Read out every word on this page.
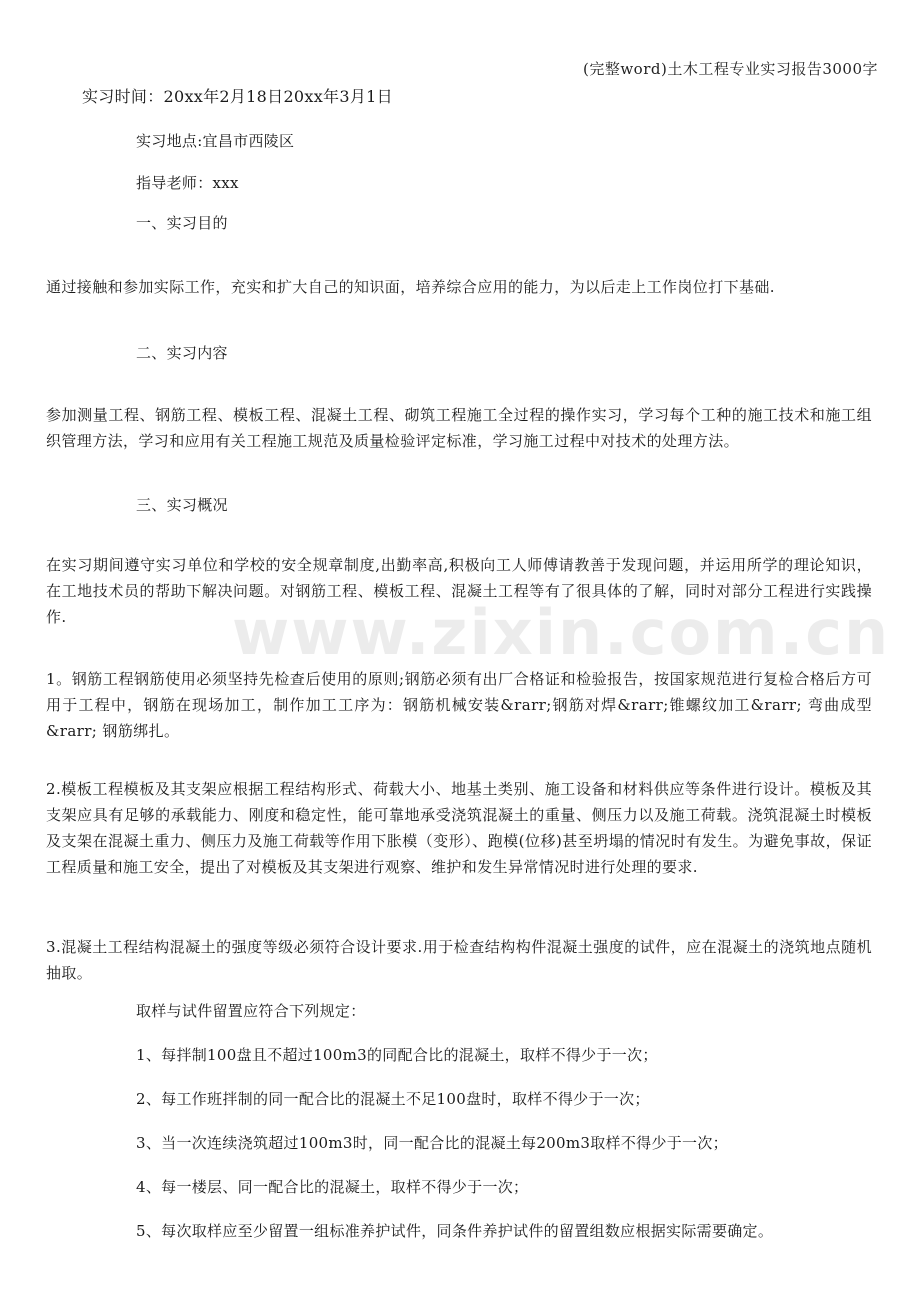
(完整word)土木工程专业实习报告3000字
实习时间：20xx年2月18日20xx年3月1日
实习地点:宜昌市西陵区
指导老师：xxx
一、实习目的
通过接触和参加实际工作，充实和扩大自己的知识面，培养综合应用的能力，为以后走上工作岗位打下基础.
二、实习内容
参加测量工程、钢筋工程、模板工程、混凝土工程、砌筑工程施工全过程的操作实习，学习每个工种的施工技术和施工组织管理方法，学习和应用有关工程施工规范及质量检验评定标准，学习施工过程中对技术的处理方法。
三、实习概况
在实习期间遵守实习单位和学校的安全规章制度,出勤率高,积极向工人师傅请教善于发现问题，并运用所学的理论知识，在工地技术员的帮助下解决问题。对钢筋工程、模板工程、混凝土工程等有了很具体的了解，同时对部分工程进行实践操作.	www.zixin.com.cn
1。钢筋工程钢筋使用必须坚持先检查后使用的原则;钢筋必须有出厂合格证和检验报告，按国家规范进行复检合格后方可用于工程中，钢筋在现场加工，制作加工工序为：钢筋机械安装&rarr;钢筋对焊&rarr;锥螺纹加工&rarr; 弯曲成型&rarr; 钢筋绑扎。
2.模板工程模板及其支架应根据工程结构形式、荷载大小、地基土类别、施工设备和材料供应等条件进行设计。模板及其支架应具有足够的承载能力、刚度和稳定性，能可靠地承受浇筑混凝土的重量、侧压力以及施工荷载。浇筑混凝土时模板及支架在混凝土重力、侧压力及施工荷载等作用下胀模（变形）、跑模(位移)甚至坍塌的情况时有发生。为避免事故，保证工程质量和施工安全，提出了对模板及其支架进行观察、维护和发生异常情况时进行处理的要求.
3.混凝土工程结构混凝土的强度等级必须符合设计要求.用于检查结构构件混凝土强度的试件，应在混凝土的浇筑地点随机抽取。
取样与试件留置应符合下列规定：
1、每拌制100盘且不超过100m3的同配合比的混凝土，取样不得少于一次；
2、每工作班拌制的同一配合比的混凝土不足100盘时，取样不得少于一次；
3、当一次连续浇筑超过100m3时，同一配合比的混凝土每200m3取样不得少于一次；
4、每一楼层、同一配合比的混凝土，取样不得少于一次；
5、每次取样应至少留置一组标准养护试件，同条件养护试件的留置组数应根据实际需要确定。
